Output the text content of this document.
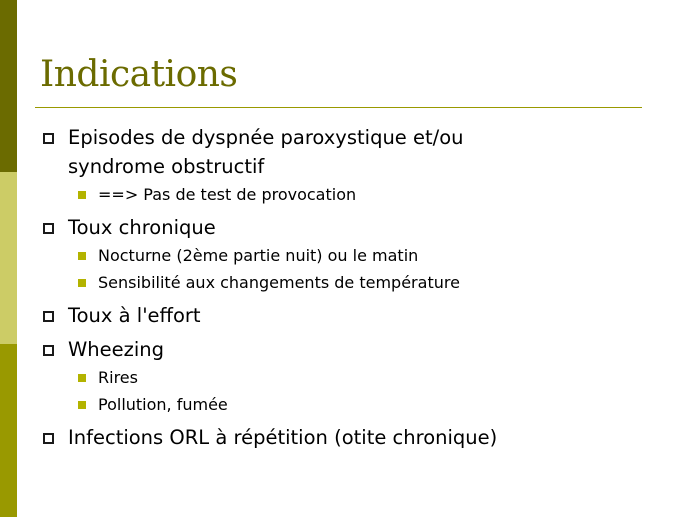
Indications
Episodes de dyspnée paroxystique et/ou
syndrome obstructif
==> Pas de test de provocation
Toux chronique
Nocturne (2ème partie nuit) ou le matin
Sensibilité aux changements de température
Toux à l'effort
Wheezing
Rires
Pollution, fumée
Infections ORL à répétition (otite chronique)
